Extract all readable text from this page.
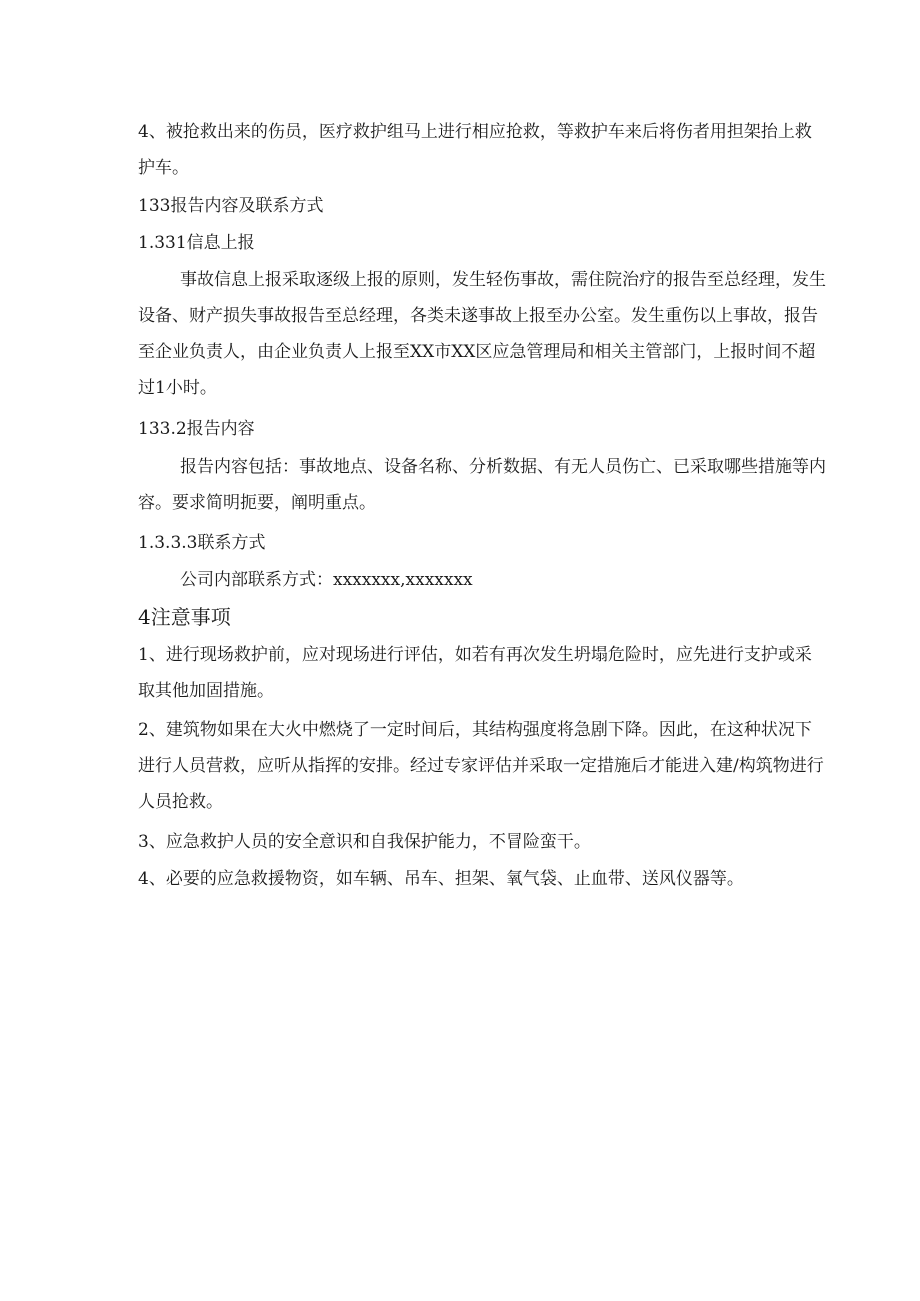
4、被抢救出来的伤员，医疗救护组马上进行相应抢救，等救护车来后将伤者用担架抬上救护车。

133报告内容及联系方式

1.331信息上报

事故信息上报采取逐级上报的原则，发生轻伤事故，需住院治疗的报告至总经理，发生设备、财产损失事故报告至总经理，各类未遂事故上报至办公室。发生重伤以上事故，报告至企业负责人，由企业负责人上报至XX市XX区应急管理局和相关主管部门，上报时间不超过1小时。

133.2报告内容

报告内容包括：事故地点、设备名称、分析数据、有无人员伤亡、已采取哪些措施等内容。要求简明扼要，阐明重点。

1.3.3.3联系方式

公司内部联系方式：xxxxxxx,xxxxxxx

4注意事项

1、进行现场救护前，应对现场进行评估，如若有再次发生坍塌危险时，应先进行支护或采取其他加固措施。

2、建筑物如果在大火中燃烧了一定时间后，其结构强度将急剧下降。因此，在这种状况下进行人员营救，应听从指挥的安排。经过专家评估并采取一定措施后才能进入建/构筑物进行人员抢救。

3、应急救护人员的安全意识和自我保护能力，不冒险蛮干。

4、必要的应急救援物资，如车辆、吊车、担架、氧气袋、止血带、送风仪器等。
